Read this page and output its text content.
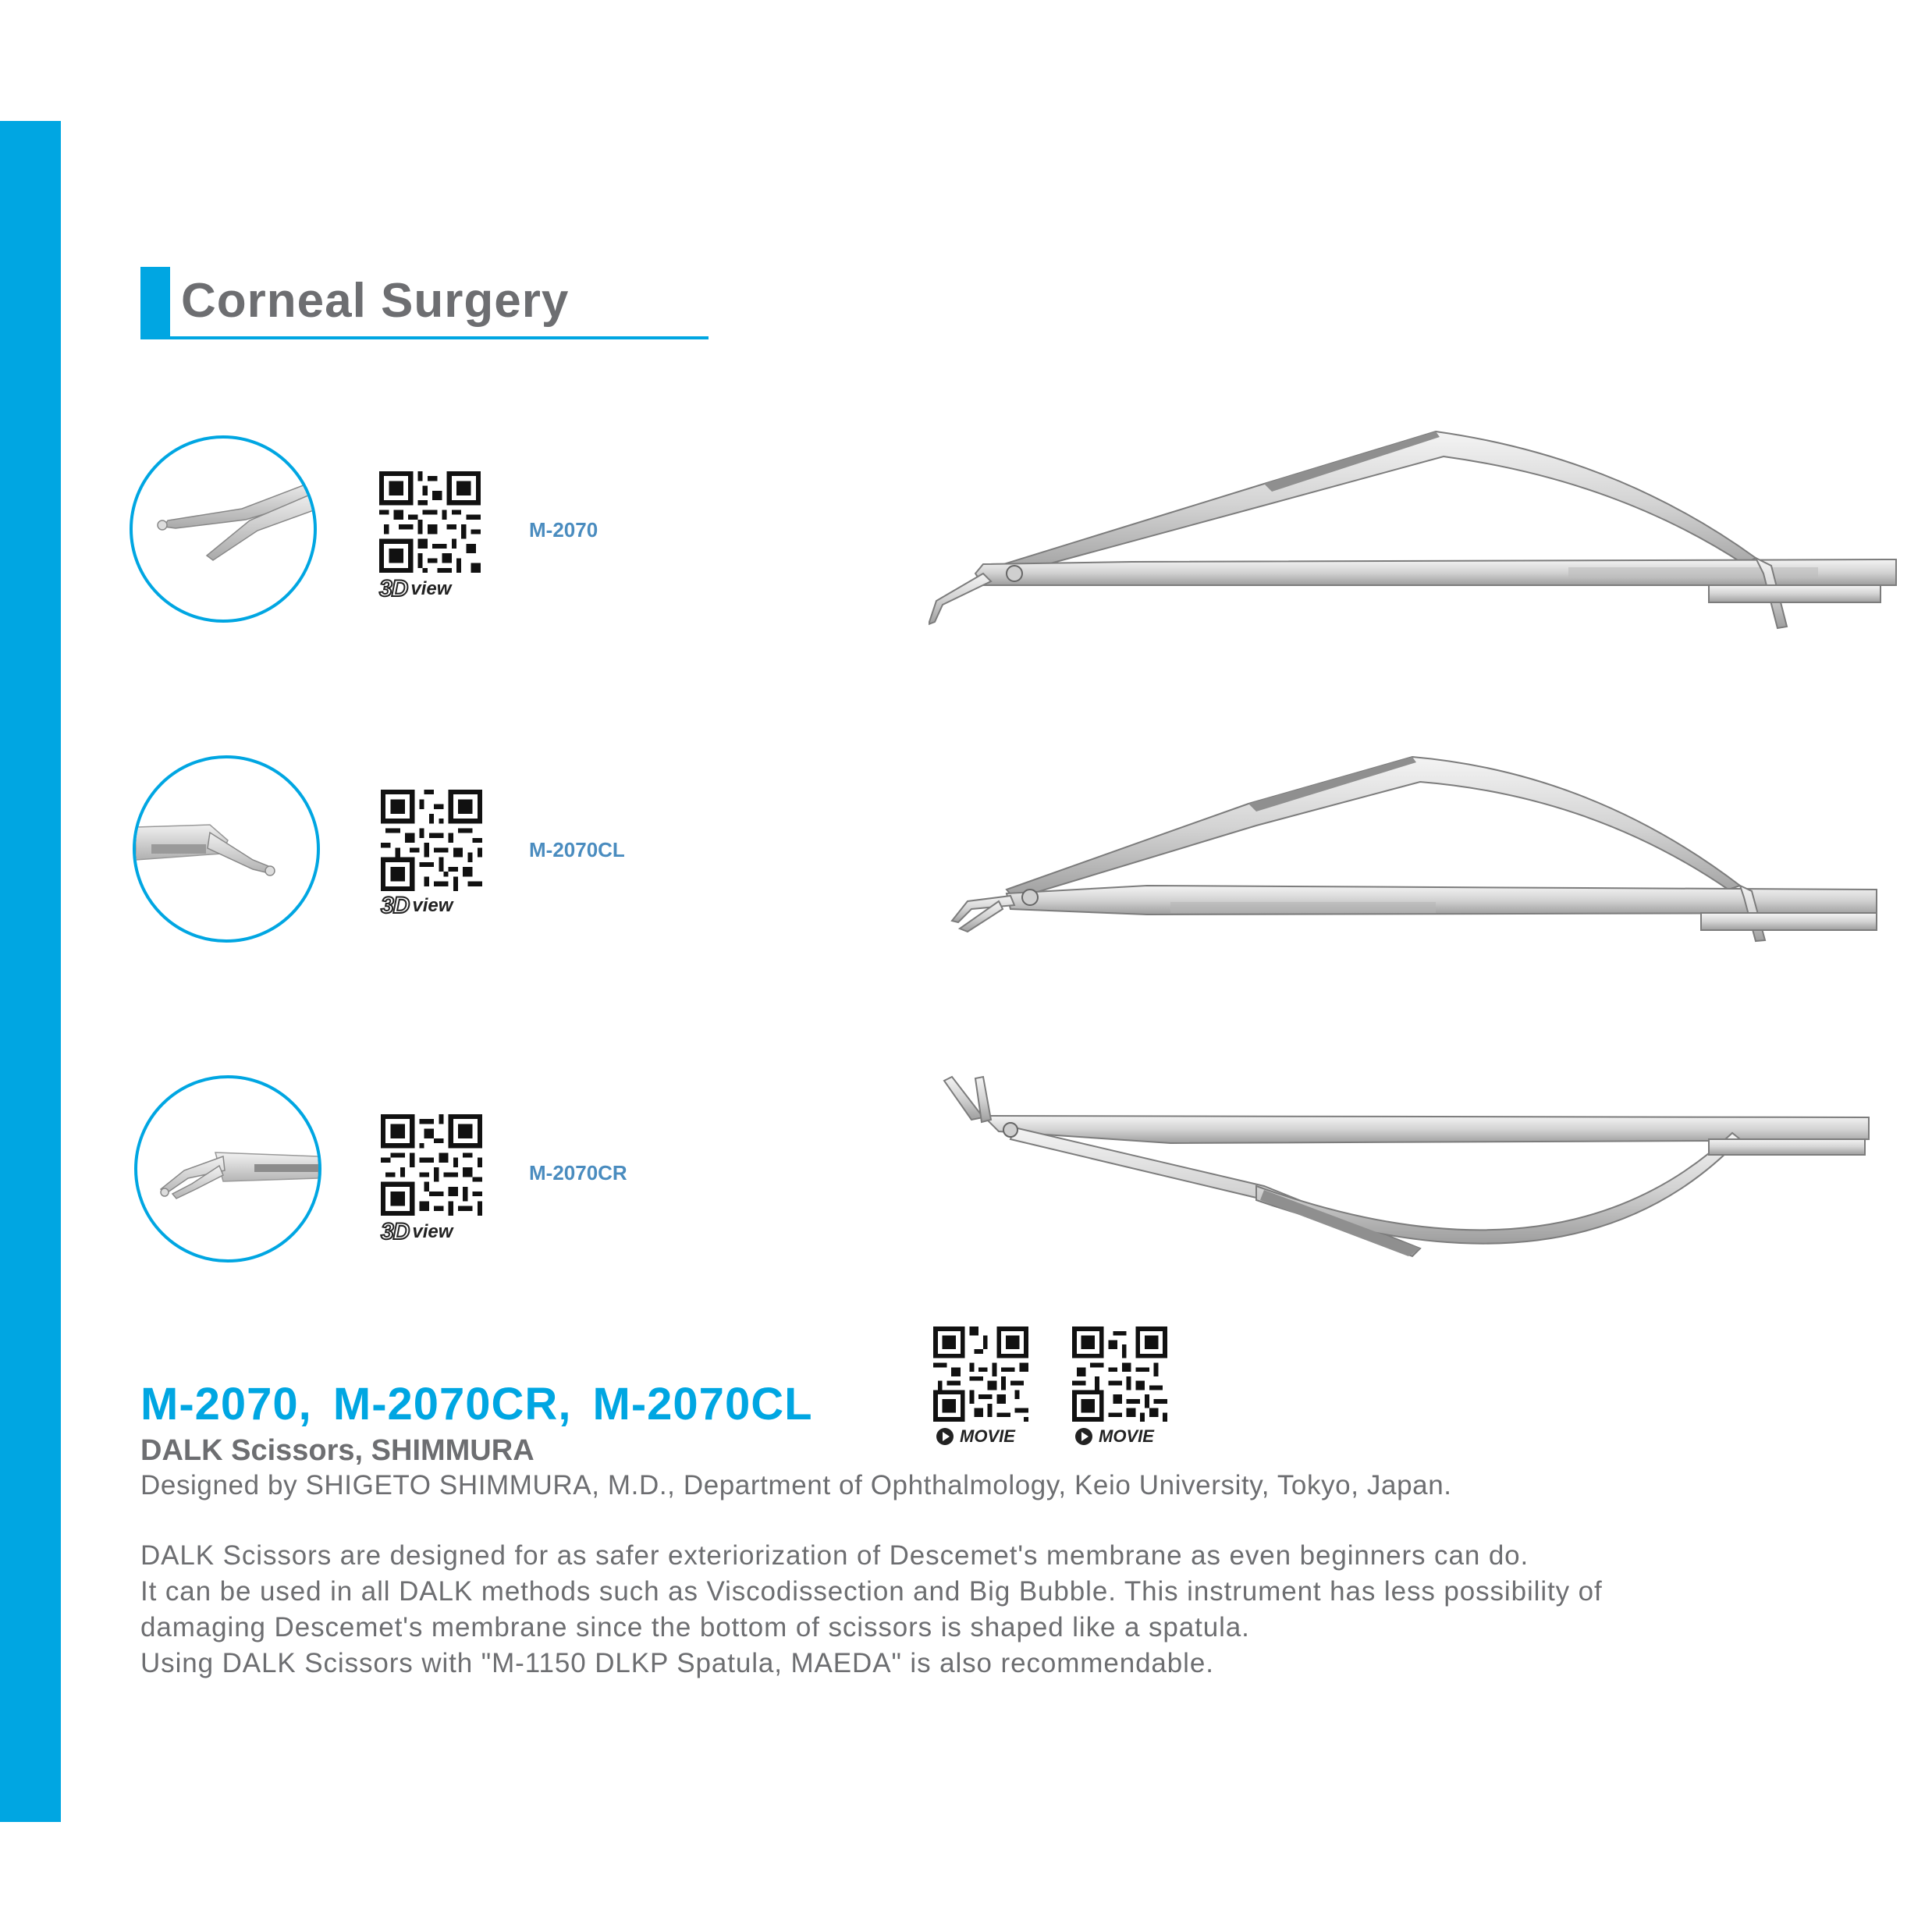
Corneal Surgery
3D view
M-2070
3D view
M-2070CL
3D view
M-2070CR
MOVIE	MOVIE
M-2070, M-2070CR, M-2070CL
DALK Scissors, SHIMMURA
Designed by SHIGETO SHIMMURA, M.D., Department of Ophthalmology, Keio University, Tokyo, Japan.
DALK Scissors are designed for as safer exteriorization of Descemet's membrane as even beginners can do.
It can be used in all DALK methods such as Viscodissection and Big Bubble. This instrument has less possibility of
damaging Descemet's membrane since the bottom of scissors is shaped like a spatula.
Using DALK Scissors with "M-1150 DLKP Spatula, MAEDA" is also recommendable.
